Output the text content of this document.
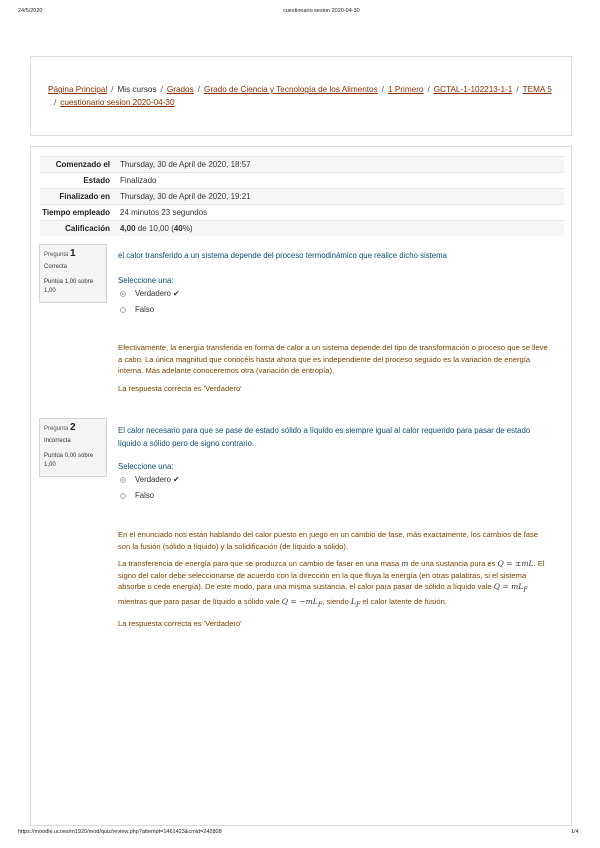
24/5/2020	cuestionario sesion 2020-04-30
Página Principal / Mis cursos / Grados / Grado de Ciencia y Tecnología de los Alimentos / 1 Primero / GCTAL-1-102213-1-1 / TEMA 5
/ cuestionario sesion 2020-04-30
Comenzado el	Thursday, 30 de April de 2020, 18:57
Estado	Finalizado
Finalizado en	Thursday, 30 de April de 2020, 19:21
Tiempo empleado	24 minutos 23 segundos
Calificación	4,00 de 10,00 (40%)
Pregunta 1
Correcta
Puntúa 1,00 sobre 1,00
el calor transferido a un sistema depende del proceso termodinámico que realice dicho sistema
Seleccione una:
Verdadero ✔
Falso

Efectivamente, la energía transferida en forma de calor a un sistema depende del tipo de transformación o proceso que se lleve a cabo. La única magnitud que conocéis hasta ahora que es independiente del proceso seguido es la variación de energía interna. Más adelante conoceremos otra (variación de entropía).

La respuesta correcta es 'Verdadero'

Pregunta 2
Incorrecta
Puntúa 0,00 sobre 1,00
El calor necesario para que se pase de estado sólido a líquido es siempre igual al calor requerido para pasar de estado líquido a sólido pero de signo contrario.
Seleccione una:
Verdadero ✔
Falso

En el enunciado nos están hablando del calor puesto en juego en un cambio de fase, más exactamente, los cambios de fase son la fusión (sólido a líquido) y la solidificación (de líquido a sólido).

La transferencia de energía para que se produzca un cambio de faser en una masa m de una sustancia pura es Q = ±mL. El signo del calor debe seleccionarse de acuerdo con la dirección en la que fluya la energía (en otras palabras, si el sistema absorbe o cede energía). De este modo, para una misma sustancia, el calor para pasar de sólido a líquido vale $Q = mL_F$ mientras que para pasar de líquido a sólido vale $Q = -mL_F$, siendo $L_F$ el calor latente de fusión.

La respuesta correcta es 'Verdadero'

https://moodle.ucoes/m1920/mod/quiz/review.php?attempt=1461423&cmid=242808	1/4
